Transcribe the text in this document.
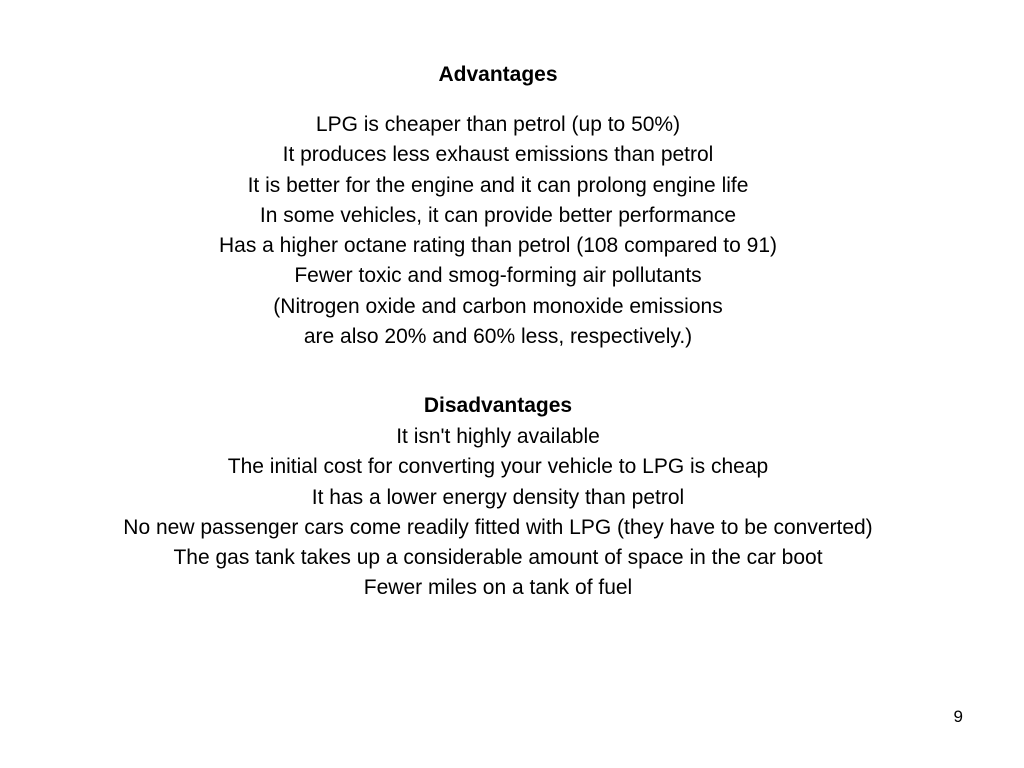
Advantages
LPG is cheaper than petrol (up to 50%)
It produces less exhaust emissions than petrol
It is better for the engine and it can prolong engine life
In some vehicles, it can provide better performance
Has a higher octane rating than petrol (108 compared to 91)
Fewer toxic and smog-forming air pollutants
(Nitrogen oxide and carbon monoxide emissions
are also 20% and 60% less, respectively.)
Disadvantages
It isn't highly available
The initial cost for converting your vehicle to LPG is cheap
It has a lower energy density than petrol
No new passenger cars come readily fitted with LPG (they have to be converted)
The gas tank takes up a considerable amount of space in the car boot
Fewer miles on a tank of fuel
9
